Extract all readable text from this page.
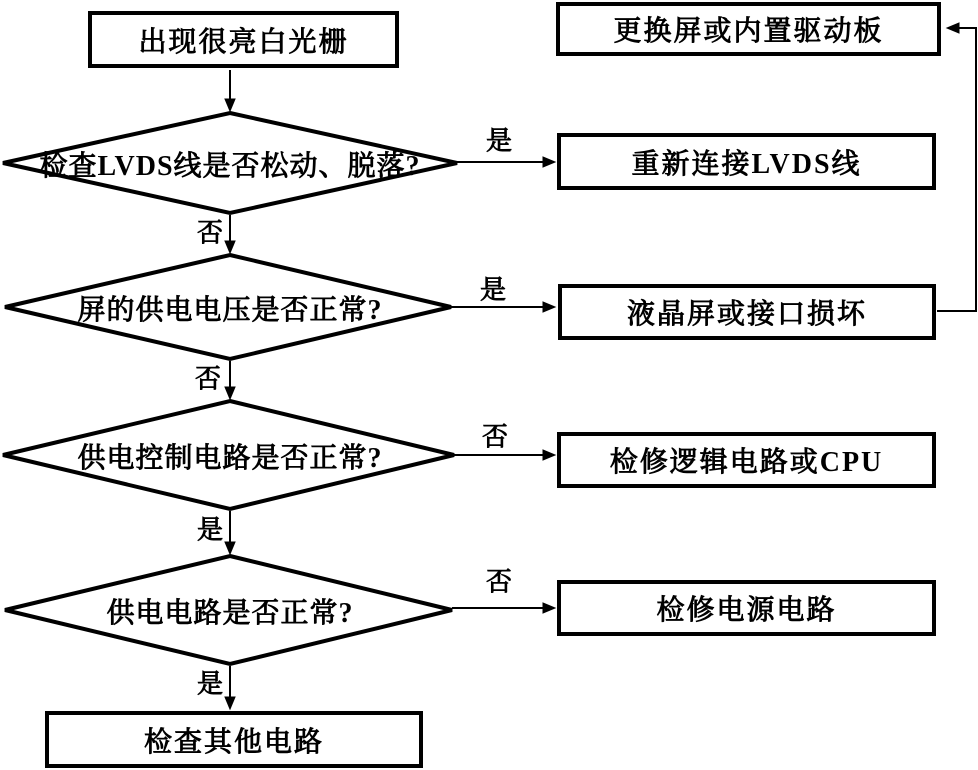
出现很亮白光栅	更换屏或内置驱动板
重新连接LVDS线
液晶屏或接口损坏
检修逻辑电路或CPU
检修电源电路
检查其他电路
检查LVDS线是否松动、脱落?
屏的供电电压是否正常?
供电控制电路是否正常?
供电电路是否正常?
是
否
是
否
否
是
否
是
